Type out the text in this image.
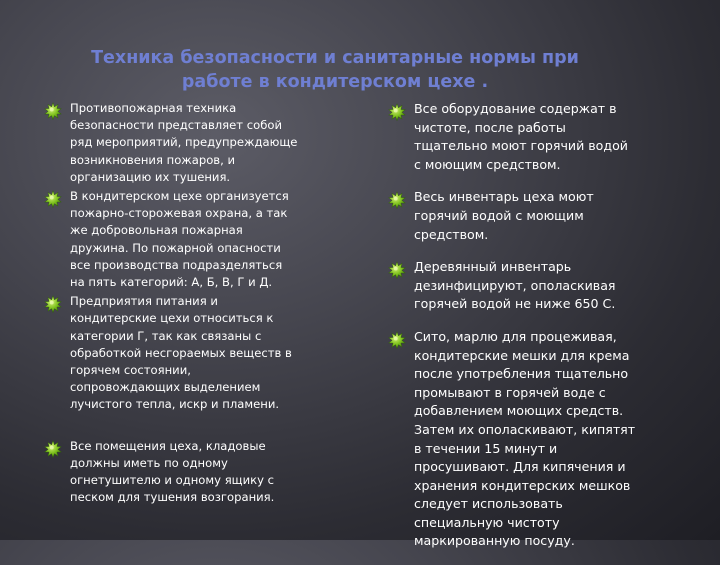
Техника безопасности и санитарные нормы при
работе в кондитерском цехе .
Противопожарная техника
безопасности представляет собой
ряд мероприятий, предупреждающе
возникновения пожаров, и
организацию их тушения.
В кондитерском цехе организуется
пожарно-сторожевая охрана, а так
же добровольная пожарная
дружина. По пожарной опасности
все производства подразделяться
на пять категорий: А, Б, В, Г и Д.
Предприятия питания и
кондитерские цехи относиться к
категории Г, так как связаны с
обработкой несгораемых веществ в
горячем состоянии,
сопровождающих выделением
лучистого тепла, искр и пламени.
Все помещения цеха, кладовые
должны иметь по одному
огнетушителю и одному ящику с
песком для тушения возгорания.
Все оборудование содержат в
чистоте, после работы
тщательно моют горячий водой
с моющим средством.
Весь инвентарь цеха моют
горячий водой с моющим
средством.
Деревянный инвентарь
дезинфицируют, ополаскивая
горячей водой не ниже 650 С.
Сито, марлю для процеживая,
кондитерские мешки для крема
после употребления тщательно
промывают в горячей воде с
добавлением моющих средств.
Затем их ополаскивают, кипятят
в течении 15 минут и
просушивают. Для кипячения и
хранения кондитерских мешков
следует использовать
специальную чистоту
маркированную посуду.
